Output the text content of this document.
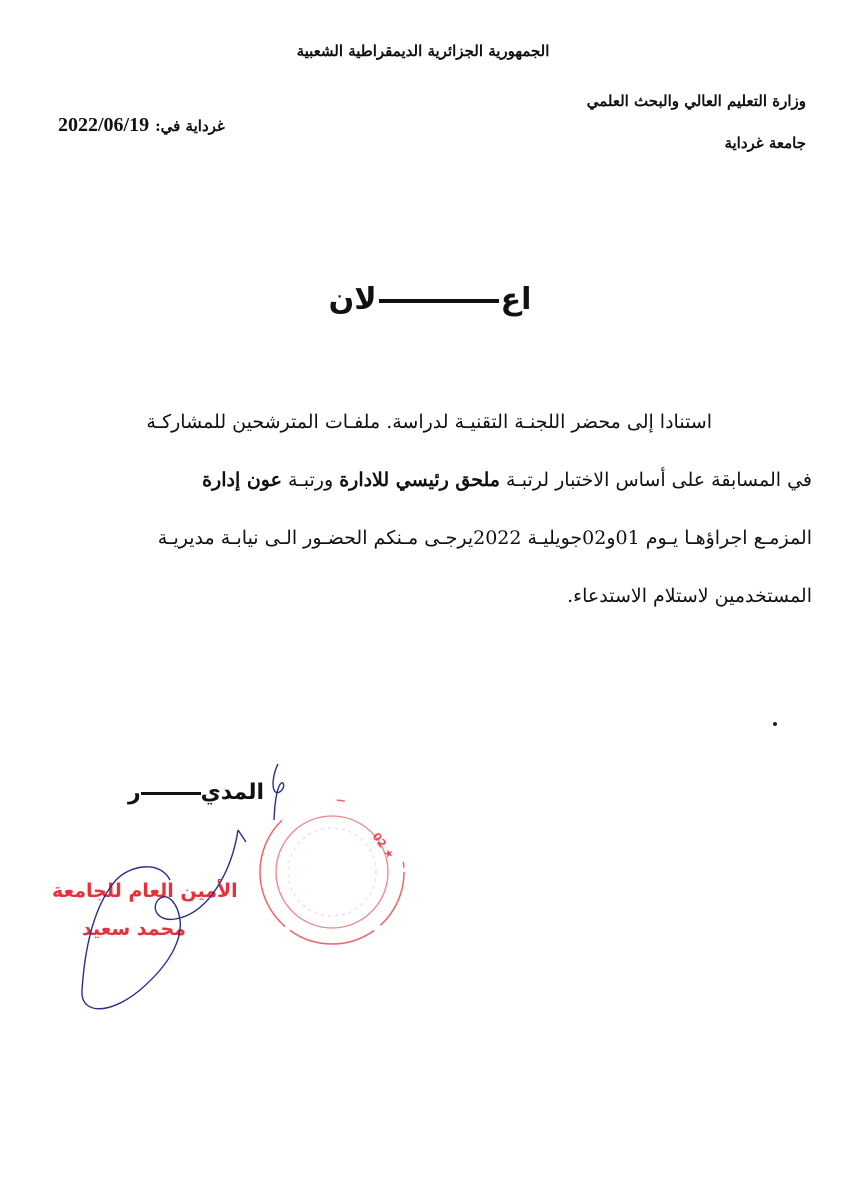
الجمهورية الجزائرية الديمقراطية الشعبية
وزارة التعليم العالي والبحث العلمي
جامعة غرداية
غرداية في:
2022/06/19
اعلان
استنادا إلى محضر اللجنـة التقنيـة لدراسة. ملفـات المترشحين للمشاركـة
في المسابقة على أساس الاختبار لرتبـة ملحق رئيسي للادارة ورتبـة عون إدارة
المزمـع اجراؤهـا يـوم 01و02جويليـة 2022يرجـى مـنكم الحضـور الـى نيابـة مديريـة
المستخدمين لاستلام الاستدعاء.
المدير
02 ★
الأمين العام للجامعة
محمد سعيد
